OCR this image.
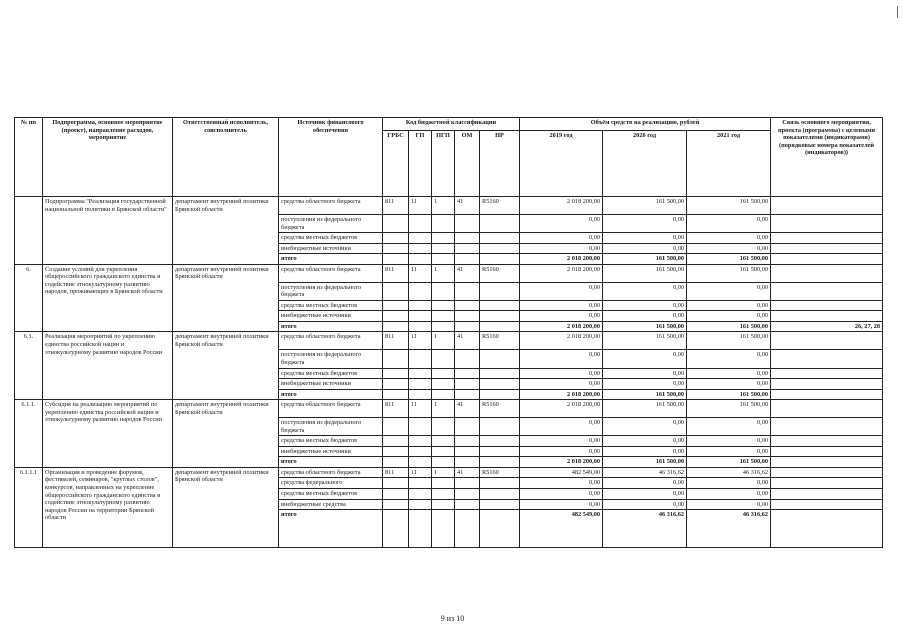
№ пп	Подпрограмма, основное мероприятие (проект), направление расходов, мероприятие	Ответственный исполнитель, соисполнитель	Источник финансового обеспечения	Код бюджетной классификации					Объём средств на реализацию, рублей			Связь основного мероприятия, проекта (программы) с целевыми показателями (индикаторами) (порядковые номера показателей (индикаторов))
				ГРБС	ГП	ПГП	ОМ	НР	2019 год	2020 год	2021 год	
	Подпрограмма "Реализация государственной национальной политики в Брянской области"	департамент внутренней политики Брянской области	средства областного бюджета	811	11	1	41	R5160	2 018 200,00	161 500,00	161 500,00	
			поступления из федерального бюджета						0,00	0,00	0,00	
			средства местных бюджетов						0,00	0,00	0,00	
			внебюджетные источники						0,00	0,00	0,00	
			итого						2 018 200,00	161 500,00	161 500,00	
6.	Создание условий для укрепления общероссийского гражданского единства и содействие этнокультурному развитию народов, проживающих в Брянской области	департамент внутренней политики Брянской области	средства областного бюджета	811	11	1	41	R5160	2 018 200,00	161 500,00	161 500,00	
			поступления из федерального бюджета						0,00	0,00	0,00	
			средства местных бюджетов						0,00	0,00	0,00	
			внебюджетные источники						0,00	0,00	0,00	
			итого						2 018 200,00	161 500,00	161 500,00	26, 27, 28
6.1.	Реализация мероприятий по укреплению единства российской нации и этнокультурному развитию народов России	департамент внутренней политики Брянской области	средства областного бюджета	811	11	1	41	R5160	2 018 200,00	161 500,00	161 500,00	
			поступления из федерального бюджета						0,00	0,00	0,00	
			средства местных бюджетов						0,00	0,00	0,00	
			внебюджетные источники						0,00	0,00	0,00	
			итого						2 018 200,00	161 500,00	161 500,00	
6.1.1.	Субсидия на реализацию мероприятий по укреплению единства российской нации и этнокультурному развитию народов России	департамент внутренней политики Брянской области	средства областного бюджета	811	11	1	41	R5160	2 018 200,00	161 500,00	161 500,00	
			поступления из федерального бюджета						0,00	0,00	0,00	
			средства местных бюджетов						0,00	0,00	0,00	
			внебюджетные источники						0,00	0,00	0,00	
			итого						2 018 200,00	161 500,00	161 500,00	
6.1.1.1	Организация и проведение форумов, фестивалей, семинаров, "круглых столов", конкурсов, направленных на укрепление общероссийского гражданского единства и содействие этнокультурному развитию народов России на территории Брянской области	департамент внутренней политики Брянской области	средства областного бюджета	811	11	1	41	R5160	482 549,00	46 316,62	46 316,62	
			средства федерального						0,00	0,00	0,00	
			средства местных бюджетов						0,00	0,00	0,00	
			внебюджетные средства						0,00	0,00	0,00	
			итого						482 549,00	46 316,62	46 316,62	
9 из 10
